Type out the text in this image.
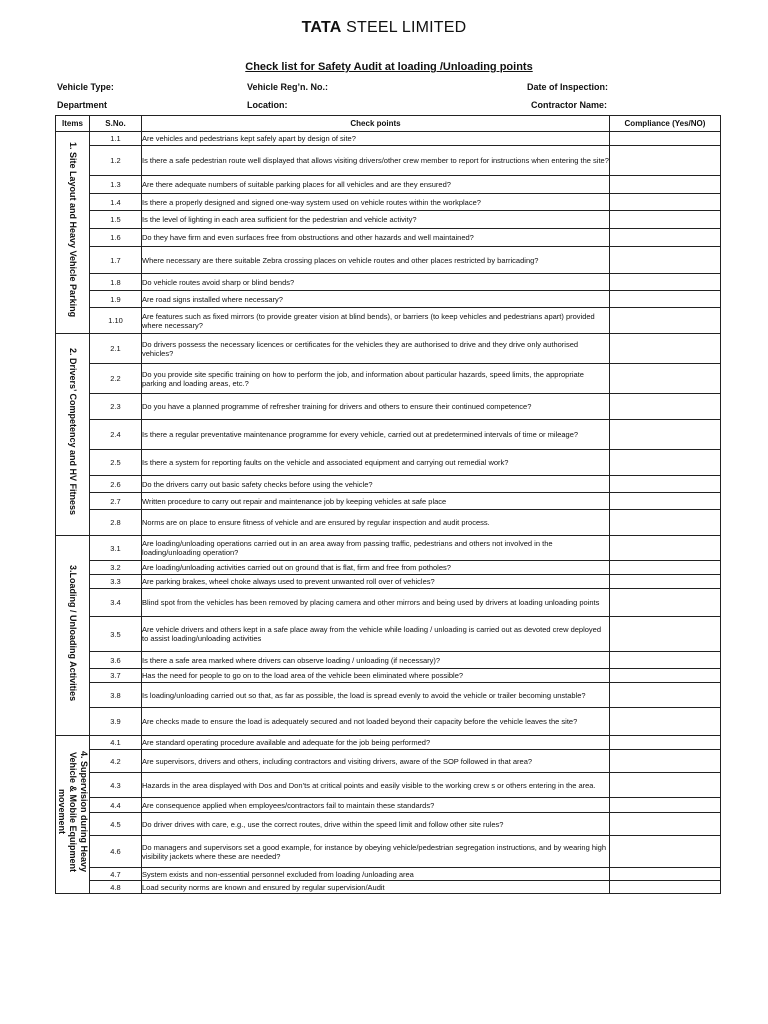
TATA STEEL LIMITED
Check list for Safety Audit at loading /Unloading points
Vehicle Type:	Vehicle Reg’n. No.:	Date of Inspection:
Department	Location:	Contractor Name:
Items	S.No.	Check points	Compliance (Yes/NO)
1. Site Layout and Heavy Vehicle Parking	1.1	Are vehicles and pedestrians kept safely apart by design of site?	
	1.2	Is there a safe pedestrian route well displayed that allows visiting drivers/other crew member to report for instructions when entering the site?	
	1.3	Are there adequate numbers of suitable parking places for all vehicles and are they ensured?	
	1.4	Is there a properly designed and signed one-way system used on vehicle routes within the workplace?	
	1.5	Is the level of lighting in each area sufficient for the pedestrian and vehicle activity?	
	1.6	Do they have firm and even surfaces free from obstructions and other hazards and well maintained?	
	1.7	Where necessary are there suitable Zebra crossing places on vehicle routes and other places restricted by barricading?	
	1.8	Do vehicle routes avoid sharp or blind bends?	
	1.9	Are road signs installed where necessary?	
	1.10	Are features such as fixed mirrors (to provide greater vision at blind bends), or barriers (to keep vehicles and pedestrians apart) provided where necessary?	
2. Drivers’ Competency and HV Fitness	2.1	Do drivers possess the necessary licences or certificates for the vehicles they are authorised to drive and they drive only authorised vehicles?	
	2.2	Do you provide site specific training on how to perform the job, and information about particular hazards, speed limits, the appropriate parking and loading areas, etc.?	
	2.3	Do you have a planned programme of refresher training for drivers and others to ensure their continued competence?	
	2.4	Is there a regular preventative maintenance programme for every vehicle, carried out at predetermined intervals of time or mileage?	
	2.5	Is there a system for reporting faults on the vehicle and associated equipment and carrying out remedial work?	
	2.6	Do the drivers carry out basic safety checks before using the vehicle?	
	2.7	Written procedure to carry out repair and maintenance job by keeping vehicles at safe place	
	2.8	Norms are on place to ensure fitness of vehicle and are ensured by regular inspection and audit process.	
3.Loading / Unloading Activities	3.1	Are loading/unloading operations carried out in an area away from passing traffic, pedestrians and others not involved in the loading/unloading operation?	
	3.2	Are loading/unloading activities carried out on ground that is flat, firm and free from potholes?	
	3.3	Are parking brakes, wheel choke always used to prevent unwanted roll over of vehicles?	
	3.4	Blind spot from the vehicles has been removed by placing camera and other mirrors and being used by drivers at loading unloading points	
	3.5	Are vehicle drivers and others kept in a safe place away from the vehicle while loading / unloading is carried out as devoted crew deployed to assist loading/unloading activities	
	3.6	Is there a safe area marked where drivers can observe loading / unloading (if necessary)?	
	3.7	Has the need for people to go on to the load area of the vehicle been eliminated where possible?	
	3.8	Is loading/unloading carried out so that, as far as possible, the load is spread evenly to avoid the vehicle or trailer becoming unstable?	
	3.9	Are checks made to ensure the load is adequately secured and not loaded beyond their capacity before the vehicle leaves the site?	
4. Supervision during Heavy Vehicle & Mobile Equipment movement	4.1	Are standard operating procedure available and adequate for the job being performed?	
	4.2	Are supervisors, drivers and others, including contractors and visiting drivers, aware of the SOP followed in that area?	
	4.3	Hazards in the area displayed with Dos and Don’ts at critical points and easily visible to the working crew s or others entering in the area.	
	4.4	Are consequence applied when employees/contractors fail to maintain these standards?	
	4.5	Do driver drives with care, e.g., use the correct routes, drive within the speed limit and follow other site rules?	
	4.6	Do managers and supervisors set a good example, for instance by obeying vehicle/pedestrian segregation instructions, and by wearing high visibility jackets where these are needed?	
	4.7	System exists and non-essential personnel excluded from loading /unloading area	
	4.8	Load security norms are known and ensured by regular supervision/Audit	
